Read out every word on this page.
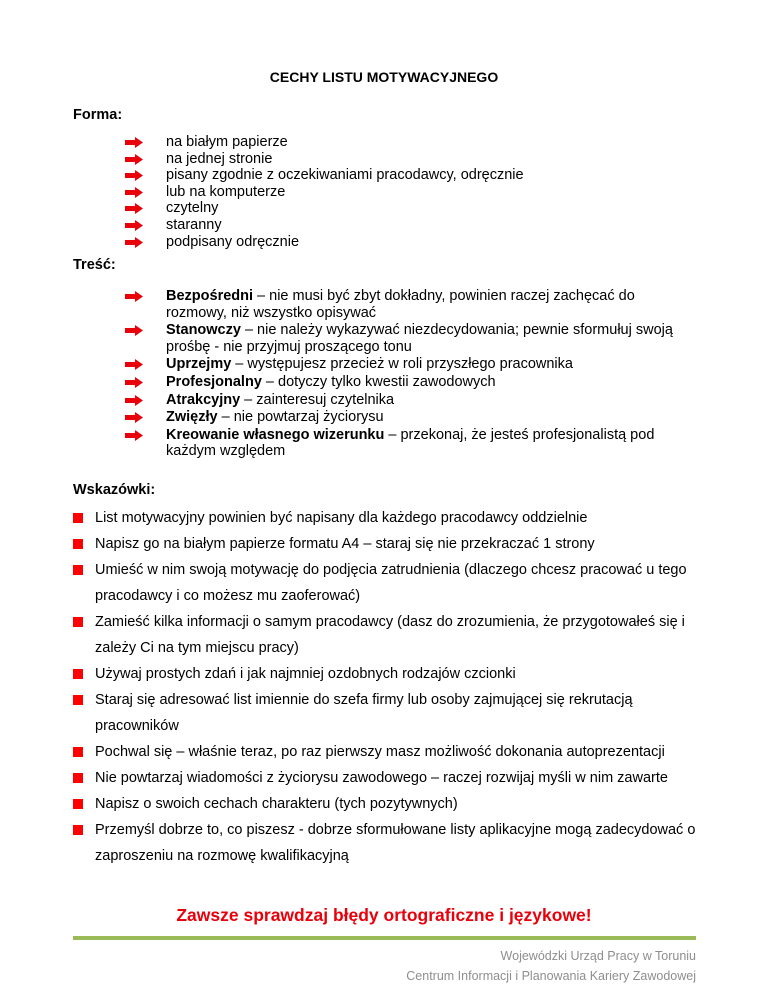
CECHY LISTU MOTYWACYJNEGO

Forma:

na białym papierze
na jednej stronie
pisany zgodnie z oczekiwaniami pracodawcy, odręcznie
lub na komputerze
czytelny
staranny
podpisany odręcznie

Treść:

Bezpośredni – nie musi być zbyt dokładny, powinien raczej zachęcać do rozmowy, niż wszystko opisywać
Stanowczy – nie należy wykazywać niezdecydowania; pewnie sformułuj swoją prośbę - nie przyjmuj proszącego tonu
Uprzejmy – występujesz przecież w roli przyszłego pracownika
Profesjonalny – dotyczy tylko kwestii zawodowych
Atrakcyjny – zainteresuj czytelnika
Zwięzły – nie powtarzaj życiorysu
Kreowanie własnego wizerunku – przekonaj, że jesteś profesjonalistą pod każdym względem

Wskazówki:

List motywacyjny powinien być napisany dla każdego pracodawcy oddzielnie
Napisz go na białym papierze formatu A4 – staraj się nie przekraczać 1 strony
Umieść w nim swoją motywację do podjęcia zatrudnienia (dlaczego chcesz pracować u tego pracodawcy i co możesz mu zaoferować)
Zamieść kilka informacji o samym pracodawcy (dasz do zrozumienia, że przygotowałeś się i zależy Ci na tym miejscu pracy)
Używaj prostych zdań i jak najmniej ozdobnych rodzajów czcionki
Staraj się adresować list imiennie do szefa firmy lub osoby zajmującej się rekrutacją pracowników
Pochwal się – właśnie teraz, po raz pierwszy masz możliwość dokonania autoprezentacji
Nie powtarzaj wiadomości z życiorysu zawodowego – raczej rozwijaj myśli w nim zawarte
Napisz o swoich cechach charakteru (tych pozytywnych)
Przemyśl dobrze to, co piszesz - dobrze sformułowane listy aplikacyjne mogą zadecydować o zaproszeniu na rozmowę kwalifikacyjną

Zawsze sprawdzaj błędy ortograficzne i językowe!

Wojewódzki Urząd Pracy w Toruniu
Centrum Informacji i Planowania Kariery Zawodowej
